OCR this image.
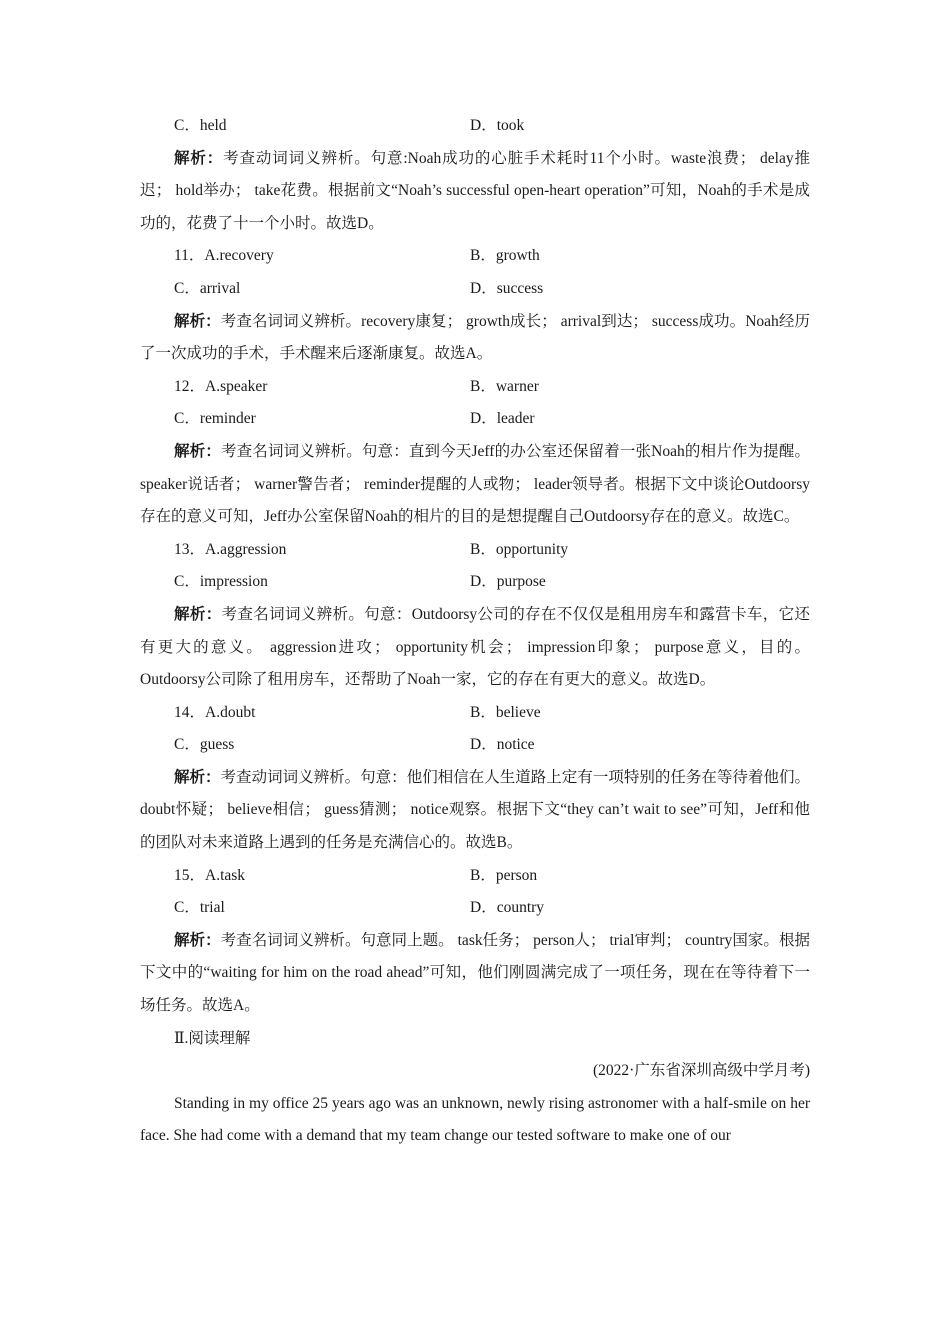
C．held	D．took

解析：考查动词词义辨析。句意:Noah成功的心脏手术耗时11个小时。waste浪费； delay推迟； hold举办； take花费。根据前文“Noah’s successful open-heart operation”可知，Noah的手术是成功的，花费了十一个小时。故选D。

11．A.recovery	B．growth
C．arrival	D．success

解析：考查名词词义辨析。recovery康复； growth成长； arrival到达； success成功。Noah经历了一次成功的手术，手术醒来后逐渐康复。故选A。

12．A.speaker	B．warner
C．reminder	D．leader

解析：考查名词词义辨析。句意：直到今天Jeff的办公室还保留着一张Noah的相片作为提醒。 speaker说话者； warner警告者； reminder提醒的人或物； leader领导者。根据下文中谈论Outdoorsy存在的意义可知，Jeff办公室保留Noah的相片的目的是想提醒自己Outdoorsy存在的意义。故选C。

13．A.aggression	B．opportunity
C．impression	D．purpose

解析：考查名词词义辨析。句意：Outdoorsy公司的存在不仅仅是租用房车和露营卡车，它还有更大的意义。 aggression进攻； opportunity机会； impression印象； purpose意义，目的。Outdoorsy公司除了租用房车，还帮助了Noah一家，它的存在有更大的意义。故选D。

14．A.doubt	B．believe
C．guess	D．notice

解析：考查动词词义辨析。句意：他们相信在人生道路上定有一项特别的任务在等待着他们。doubt怀疑； believe相信； guess猜测； notice观察。根据下文“they can’t wait to see”可知，Jeff和他的团队对未来道路上遇到的任务是充满信心的。故选B。

15．A.task	B．person
C．trial	D．country

解析：考查名词词义辨析。句意同上题。 task任务； person人； trial审判； country国家。根据下文中的“waiting for him on the road ahead”可知，他们刚圆满完成了一项任务，现在在等待着下一场任务。故选A。

Ⅱ.阅读理解
(2022·广东省深圳高级中学月考)

Standing in my office 25 years ago was an unknown, newly rising astronomer with a half-smile on her face. She had come with a demand that my team change our tested software to make one of our
